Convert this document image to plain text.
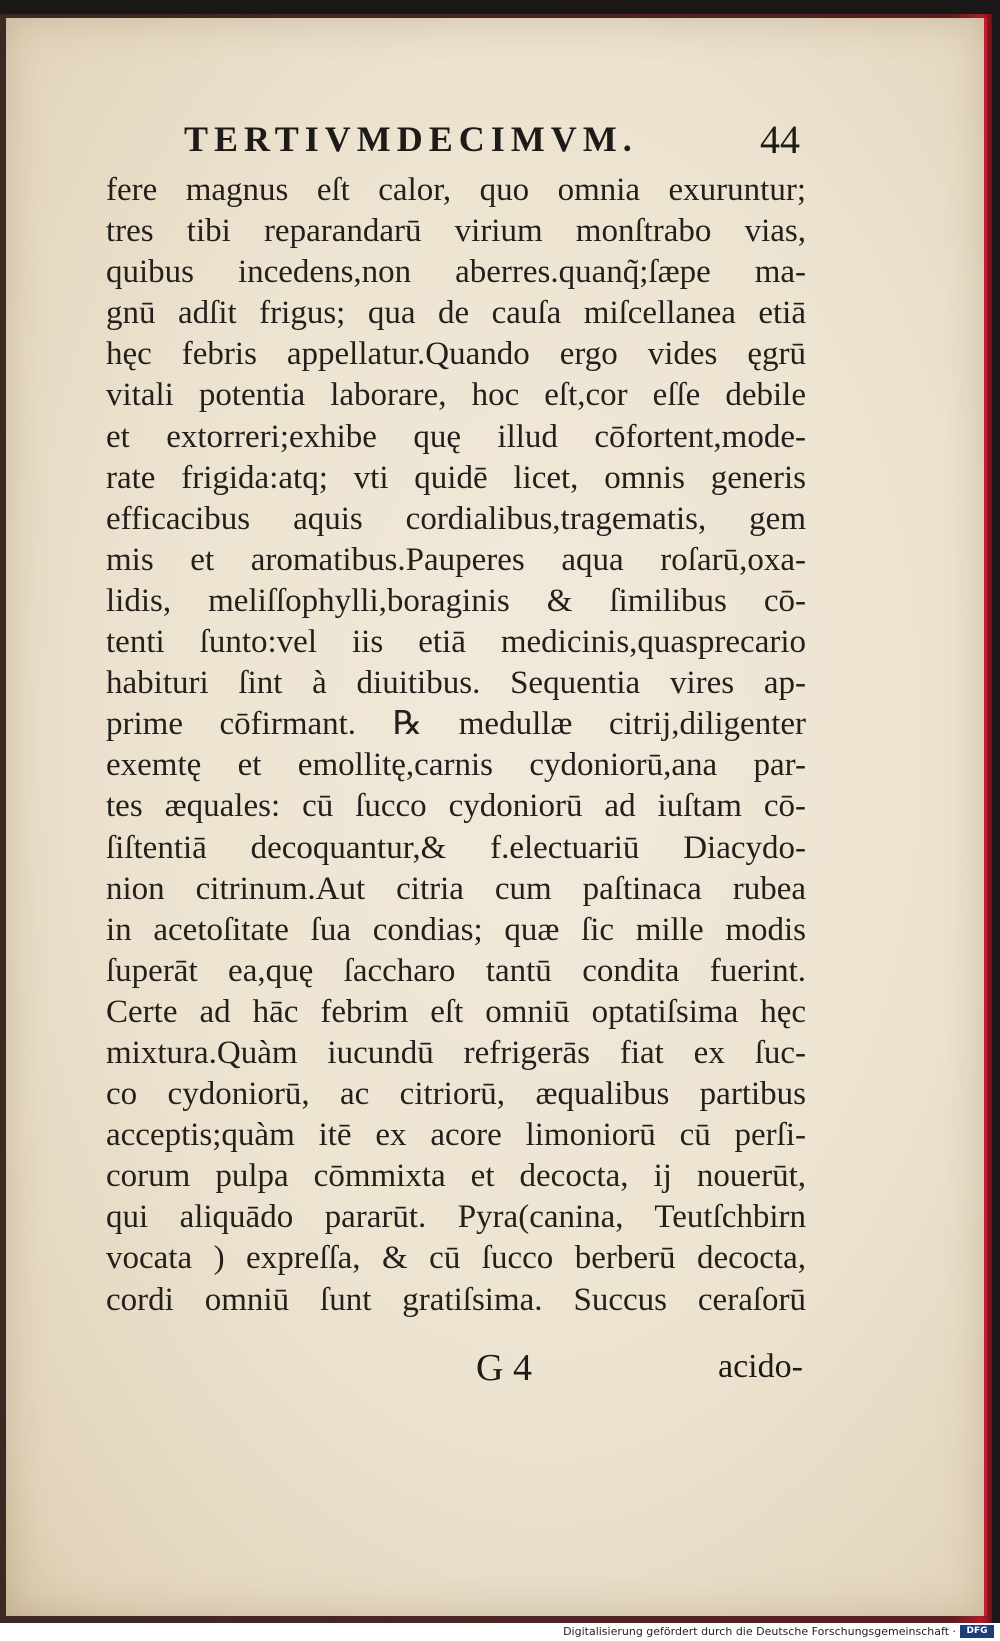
TERTIVMDECIMVM.	44
fere magnus eſt calor, quo omnia exuruntur;
tres tibi reparandarū virium monſtrabo vias,
quibus incedens,non aberres.quanq̃;ſæpe ma-
gnū adſit frigus; qua de cauſa miſcellanea etiā
hęc febris appellatur.Quando ergo vides ęgrū
vitali potentia laborare, hoc eſt,cor eſſe debile
et extorreri;exhibe quę illud cōfortent,mode-
rate frigida:atq; vti quidē licet, omnis generis
efficacibus aquis cordialibus,tragematis, gem
mis et aromatibus.Pauperes aqua roſarū,oxa-
lidis, meliſſophylli,boraginis & ſimilibus cō-
tenti ſunto:vel iis etiā medicinis,quasprecario
habituri ſint à diuitibus. Sequentia vires ap-
prime cōfirmant. ℞ medullæ citrij,diligenter
exemtę et emollitę,carnis cydoniorū,ana par-
tes æquales: cū ſucco cydoniorū ad iuſtam cō-
ſiſtentiā decoquantur,& f.electuariū Diacydo-
nion citrinum.Aut citria cum paſtinaca rubea
in acetoſitate ſua condias; quæ ſic mille modis
ſuperāt ea,quę ſaccharo tantū condita fuerint.
Certe ad hāc febrim eſt omniū optatiſsima hęc
mixtura.Quàm iucundū refrigerās fiat ex ſuc-
co cydoniorū, ac citriorū, æqualibus partibus
acceptis;quàm itē ex acore limoniorū cū perſi-
corum pulpa cōmmixta et decocta, ij nouerūt,
qui aliquādo pararūt. Pyra(canina, Teutſchbirn
vocata ) expreſſa, & cū ſucco berberū decocta,
cordi omniū ſunt gratiſsima. Succus ceraſorū
G 4	acido-
Digitalisierung gefördert durch die Deutsche Forschungsgemeinschaft ·	DFG
